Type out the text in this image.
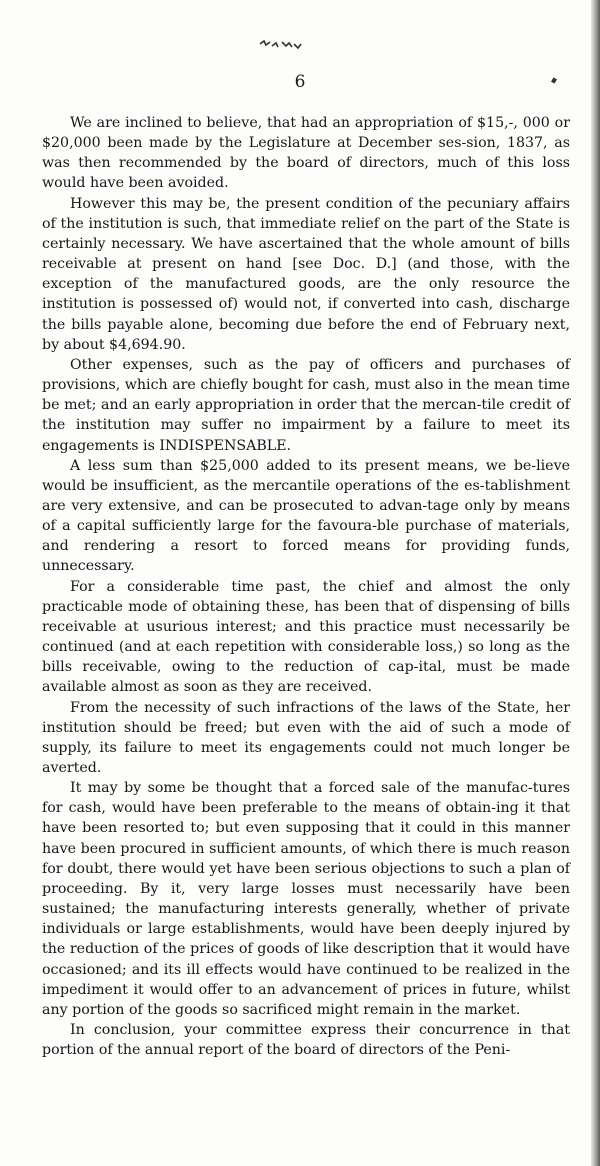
6

We are inclined to believe, that had an appropriation of $15,-, 000 or $20,000 been made by the Legislature at December ses-sion, 1837, as was then recommended by the board of directors, much of this loss would have been avoided.

However this may be, the present condition of the pecuniary affairs of the institution is such, that immediate relief on the part of the State is certainly necessary. We have ascertained that the whole amount of bills receivable at present on hand [see Doc. D.] (and those, with the exception of the manufactured goods, are the only resource the institution is possessed of) would not, if converted into cash, discharge the bills payable alone, becoming due before the end of February next, by about $4,694.90.

Other expenses, such as the pay of officers and purchases of provisions, which are chiefly bought for cash, must also in the mean time be met; and an early appropriation in order that the mercan-tile credit of the institution may suffer no impairment by a failure to meet its engagements is INDISPENSABLE.

A less sum than $25,000 added to its present means, we be-lieve would be insufficient, as the mercantile operations of the es-tablishment are very extensive, and can be prosecuted to advan-tage only by means of a capital sufficiently large for the favoura-ble purchase of materials, and rendering a resort to forced means for providing funds, unnecessary.

For a considerable time past, the chief and almost the only practicable mode of obtaining these, has been that of dispensing of bills receivable at usurious interest; and this practice must necessarily be continued (and at each repetition with considerable loss,) so long as the bills receivable, owing to the reduction of cap-ital, must be made available almost as soon as they are received.

From the necessity of such infractions of the laws of the State, her institution should be freed; but even with the aid of such a mode of supply, its failure to meet its engagements could not much longer be averted.

It may by some be thought that a forced sale of the manufac-tures for cash, would have been preferable to the means of obtain-ing it that have been resorted to; but even supposing that it could in this manner have been procured in sufficient amounts, of which there is much reason for doubt, there would yet have been serious objections to such a plan of proceeding. By it, very large losses must necessarily have been sustained; the manufacturing interests generally, whether of private individuals or large establishments, would have been deeply injured by the reduction of the prices of goods of like description that it would have occasioned; and its ill effects would have continued to be realized in the impediment it would offer to an advancement of prices in future, whilst any portion of the goods so sacrificed might remain in the market.

In conclusion, your committee express their concurrence in that portion of the annual report of the board of directors of the Peni-
